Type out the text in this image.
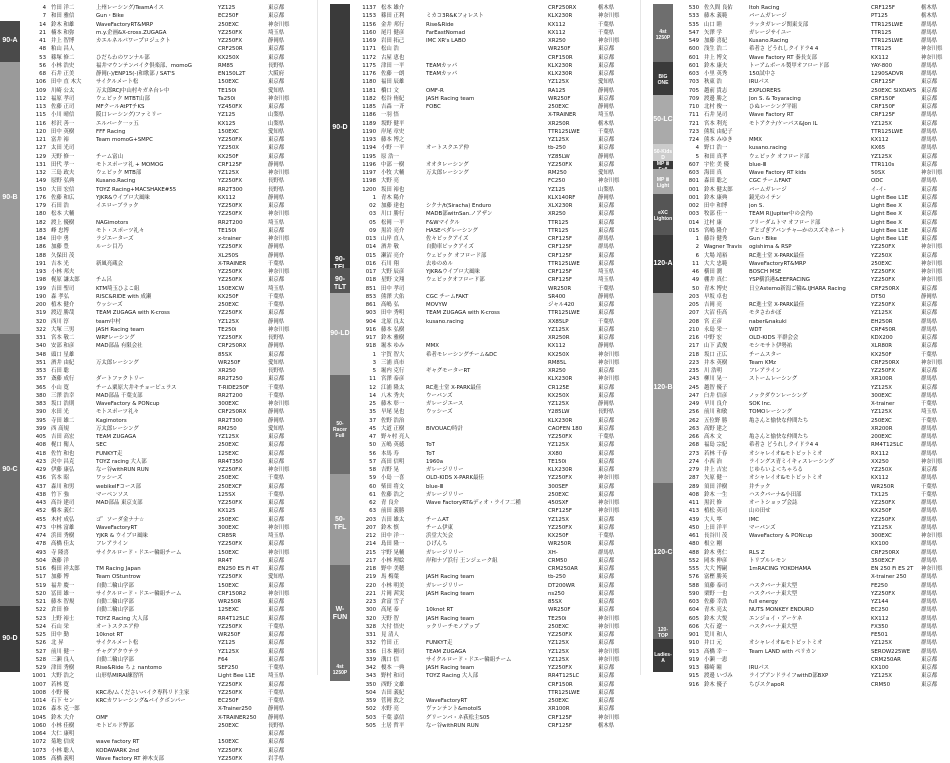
90-A
90-B
90-C
90-D
4 竹田 洋二	上州レーシング/TeamAイス	YZ125	東京都
7 和田 雅信	Gun・Bike	EC250F	東京都
14 鈴木 和雄	WaveFactoryRT&MRP	250EXC	神奈川県
21 楠本 和弥	m.y.企画&X-cross.ZUGAGA	YZ250FX	埼玉県
41 井上 智博	カエルネルパワープロジェクト	YZ250FX	静岡県
48 粕山 昌人	CRF250R	東京都
53 篠塚 修二	ひだらわのワンナル部	KX250X	東京都
56 小林 浩史	福井マウンテンバイク倶楽部、momoG	RM85	長野県
68 石井 正美	静岡(-)/ENP15(-)和歌部 / SAT'S	EN150L2T	大阪府
106 田中 直 木大	サイクルメート松	150EXC	東京都
109 川崎 公太	万太郎RCJ中山村キガネ台レ中	TE150i	愛知県
112 福原 孝司	ウェビック MTBT山部	Ta250i	神奈川県
113 佐藤 正司	MFクールAtPTチKS	YZ450FX	東京都
115 小川 晴信	阪口レーシング/ファミリー	YZ125	山梨県
116 杉沢 善一	エルバーク一ッ五	KX125	山梨県
120 田中 英樹	FFF Racing	150EXC	愛知県
121 富井 裕	Team momoG+SMPC	YZ250FX	東京都
127 太田 光司	YZ250X	東京都
129 天野 修一	チーム富山	KX250F	東京都
131 田代 孝一	モトスポーツ礼 + MOMOG	CRF125F	静岡県
132 三島 政夫	ウェビック MTB部	YZ125X	神奈川県
149 原野 弘典	Kusano.Racing	YZ250FX	長野県
150 大田 宏信	TOYZ Racing+MACSHAKE#55	RR2T300	長野県
176 佐藤 和広	YJKR&ウイブロ大風味	KX112	静岡県
179 石田 浩	イエローブラック	YZ250FX	東京都
180 松本 大輔	YZ250FX	神奈川県
182 渡上 優樹	NAGimotors	RR2T200	埼玉県
183 峰 忠博	モト・スポーツ礼々	TE150i	東京都
184 田中 勇	ラジエーターズ	x-trainer	神奈川県
186 加藤 豊	ルーシ目乃	YZ250FX	静岡県
188 久保田 茂	XL250S	静岡県
191 吉本 光	新風亮蔵会	X-TRAINER	千葉県
193 小林 邦夫	YZ250FX	神奈川県
198 梶原 謙太郎	チム呂	YZ250FX	東京都
199 吉田 聖司	KTM埼玉ひよこ組	150EXCW	埼玉県
190 森 孝弘	RISC&RIDE with 成瀬	KX250F	千葉県
200 植木 健介	ウッシーズ	250EXC	千葉県
319 渡辺 勝哉	TEAM ZUGAGA with K-cross	YZ250FX	東京都
320 西川 淳	team中村	YZ125X	静岡県
322 大塚 三男	JASH Racing team	TE250i	神奈川県
331 宮本 敬二	WRFレーシング	YZ250FX	長野県
340 安部 和彦	MAD部品 有限会社	CRF250RX	静岡県
348 頭口 星雄	85SX	東京都
351 酒井 由紀	万太郎レーシング	WR250F	愛知県
353 石田 聡	XR250	長野県
357 斎藤 成行	ダートファクトリー	RR2T250	東京都
365 小山 寛	チーム粟原大井キチョーピュラス	T-RIDE250F	千葉県
380 三澤 浩幸	MAD部品 千葉支部	RR2T200	千葉県
383 坂口 浩則	WaveFactory & PONcup	300EXC	神奈川県
390 水田 光	モトスポーツ礼々	CRF250RX	静岡県
395 寺田 雄二	Kagimotors	RR2T300	静岡県
399 西 高規	万太郎レーシング	RM250	愛知県
405 吉田 高宏	TEAM ZUGAGA	YZ125X	東京都
408 梶口 衛人	SEC	250EXC	東京都
418 佐竹 和也	FUNKYT走	125EXC	東京都
423 沢中 昌克	TOYZ racing 大人部	RR4T350	東京都
429 伊藤 康弘	なー谷withRUN RUN	YZ250FX	神奈川県
436 宮本 昭	ワッシーズ	250EXC	千葉県
437 森川 和男	webikeIFコース部	250EXCF	東京都
438 竹下 強	マーベンソス	125SX	千葉県
443 高谷 建司	MAD部品 東京支部	YZ250FX	東京都
452 橋本 義仁	KX125	東京都
455 木村 成弘	ゴ゜ソーダ金ナナ☆	250EXC	東京都
473 中林 富雄	WaveFactoryRT	300EXC	神奈川県
474 浜田 秀樹	YJKR & ウイブロ風味	CR85R	埼玉県
478 高橋 佳太	フレアライン	YZ250FX	東京都
493 寺 隆喜	サイクルロード・ドエー輪組チーム	150EXC	神奈川県
504 斎藤 洋	RR4T	東京都
516 梅田 祥太郎	TM Racing Japan	EN250 ES Fi 4T	東京都
517 加藤 博	Team OStuntrow	YZ250FX	愛知県
519 福井 慶一	自動二輪山学部	150EXC	東京都
520 冨田 雄一	サイクルロード・ドエー輪組チーム	CRF150R2	神奈川県
521 藤本 智規	自動二輪山学部	WR250R	東京都
522 倉田 修	自動二輪山学部	125EXC	東京都
523 上野 裕士	TOYZ Racing 大人部	RR4T125LC	東京都
524 石山 栄	オートスクエア仲	YZ250FX	千葉県
525 田中 勤	10knot RT	WR250F	東京都
526 北 昇	サイクルメート松	YZ125	東京都
527 前川 健一	チャグアクウテラ	YZ125X	東京都
528 三瀬 良人	自動二輪山学部	F64	東京都
529 津田 秀樹	Rise&Ride ちょ nantomo	SEF250	千葉県
1001 大野 浩之	山形県MIRAI練習所	Light Bee L1E	埼玉県
1007 若林 寛	YZ250FX	東京都
1008 小野 優	KRCあ/ムくださいバイク専科リド主家	YZ250FX	千葉県
1014 石下 セン	KRCカワレーシング&バイクボンパー	EC250F	千葉県
1026 森本 克一郎	X-Trainer250	静岡県
1045 鈴木 大介	OMF	X-TRAINER250	静岡県
1060 小林 佳樹	モトビルド弊部	250EXC	長野県
1064 大仁 康明	東京都
1072 菊地 信成	wave factory RT	150EXC	東京都
1073 小林 聡人	KODAWARK 2nd	YZ250FX	東京都
1085 高橋 義明	Wave Factory RT 神木支部	YZ250FX	岩手県
90-D
90-
90-TLT
90-LD
50-Racer Full
50-TFL
W-FUN
4st 1250P
1137 松本 雄介	CRF250RX	栃木県
1153 篠田 正利	ミカコ3R&Kフォレスト	KLX230R	神奈川県
1156 金井 邦行	Rise&Ride	KX112	千葉県
1160 尾月 健彦	FarEastNomad	KX112	千葉県
1169 岩田 拓己	IMC XR's LABO	XR250	神奈川県
1171 松山 浩	WR250F	東京都
1172 古屋 恵也	CRF150R	東京都
1175 津田 一平	TEAMカッパ	KLX230R	東京都
1176 佐藤 一朗	TEAMカッパ	KLX230R	東京都
1180 福田 辰雄	YZ125X	愛知県
1181 橋口 文	OMF-R	RA125	静岡県
1182 松谷 侑紀	JASH Racing team	WR250F	東京都
1185 吉森 一斉	FOBC	250EXC	静岡県
1186 一羽 悟	X-TRAINER	埼玉県
1189 坂野 健平	XR250R	栃木県
1190 岸尾 章史	TTR125LWE	千葉県
1193 藤本 博之	YZ125X	東京都
1194 小野 一平	オートスクエア仲	tb-250	東京都
1195 原 浩一	YZ85LW	静岡県
1196 中部 一樹	オオタレーシング	YZ250FX	東京都
1197 小牧 大輔	万太郎レーシング	RM250	愛知県
1198 大野 亮	FC250	神奈川県
1200 坂田 裕也	YZ125	山梨県
1 青木 陽介	KLX140RF	静岡県
02 加藤 達也	シクナ/t(Siracha) Enduro	XLX230R	東京都
03 川口 勝行	MADB部witnSan.ノアザン	XR250	東京都
05 松岡 一平	F&Wマイクル	TTR125	東京都
09 黒岩 亮介	HASEベダレーシング	TTR125	東京都
013 山岸 直人	佐々ビックアイズ	CRF125F	群馬県
014 酒井 敬	自動車ビックアイズ	CRF125F	群馬県
015 瀬沼 亮介	ウェビック オフロード部	CRF125F	東京都
016 石川 翔	去ゆのめル	TTR125LWE	東京都
017 大野 辰彦	YJKR&ウイブロ大風味	CRF125F	埼玉県
018 星野 文翔	ウェビックオフロード部	CRF125F	埼玉県
851 田中 孝司	WR250R	千葉県
853 熊澤 大佑	CGC チームFAKT	SR400	静岡県
861 高嶋 弘	MOVYW	ジャル420	東京都
903 田中 秀明	TEAM ZUGAGA with K-cross	TTR125LWE	東京都
904 北原 良太	kusano.racing	XX85LP	千葉県
916 藤本 弘樹	YZ125X	東京都
917 鈴木 雅樹	XR250R	東京都
918 堀本 ゆみ	MMX	KX112	静岡県
1 宇賀 智大	希者モレーシングチーム&DC	KX250X	神奈川県
3 三浦 真市	RM85L	神奈川県
5 堀内 克行	ギャグモーターRT	XR250	東京都
11 宮澤 泰彦	KLX230R	神奈川県
12 江浦 隆太	RC進士堂 X-PARK最佳	CR125E	東京都
14 八木 秀夫	ウーバンズ	KX250X	東京都
25 藤木 彰一	ガレージエース	YZ125X	静岡県
35 早尾 晃也	ウッシーズ	Y285LW	長野県
37 佐野 浩治	KLX230R	東京都
45 大道 正樹	BIVOUAC/時計	CAOFEN 180	東京都
47 野々村 亮人	YZ250FX	千葉県
50 五嶋 英徳	ToT	YZ125X	東京都
56 本馬 寿	ToT	XX80	東京都
57 高田 信明	1960a	TE150i	東京都
58 吉野 晃	ガレージリリー	KLX230R	東京都
59 小島 一喜	OLD-KIDS X-PARK最佳	YZ250FX	神奈川県
60 柴田 将文	blue-Ⅲ	300SEF	東京都
61 佐藤 浩之	ガレージリリー	250EXC	東京都
62 青 良介	Wave FactoryRT&ディオ・ライフ二種	450SXF	神奈川県
63 前田 義勝	CRF125F	神奈川県
203 吉田 雄太	チームAT	YZ125X	東京都
207 鈴木 慎	チーム伊東	YZ250FX	東京都
212 田中 洋一	浜堂大矢会	KX250F	千葉県
214 島田 隆一	ひげんち	WR250R	東京都
215 宇野 晃輔	ガレージリリー	XH-	群馬県
217 小林 理絵	岸和ナゾ浜行 王ンジェーク組	CRM50	東京都
218 野中 美穂	CRM250AR	東京都
219 馬 梅葉	JASH Racing team	tb-250	東京都
220 小林 明美	ガレージリリー	DT200WR	東京都
221 片岡 茜実	JASH Racing team	ns250	東京都
223 倉富 雪子	85SX	東京都
300 高尾 泰	10knot RT	WR250F	東京都
320 天野 智	JASH Racing team	TE250i	神奈川県
328 大付 悟史	ックリーチモノアップ	250EXC	神奈川県
331 見 清人	YZ250FX	東京都
332 竹田 正	FUNKYT走	YZ125X	東京都
336 日本 剛司	TEAM ZUGAGA	YZ125X	神奈川県
339 溝口 信	サイクルロード・ドエー輪組チーム	YZ125X	神奈川県
342 榎本 一典	JASH Racing team	YZ250FX	東京都
343 野村 和司	TOYZ Racing 大人部	RR4T125LC	東京都
350 西野 文雄	CRF150R	東京都
504 吉田 義紀	TTR125LWE	東京都
359 菅岡 敦之	WaveFactoryRT	250EXC	東京都
502 水野 亮	ヴァンテント&motoIS	XR100R	東京都
503 千葉 嘉信	グリーンバ・ネ荻松主S05	CRF125F	神奈川県
505 土居 哲平	なー谷withRUN RUN	CRF125F	栃木県
4st 1250P
BIG ONE
50-LC
50-Kids D
MP Ⅲ
MP Ⅲ Light
eXC Lighton
120-A
120-B
120-C
120-TOP
Ladies-A
530 佐久間 良佑	Itoh Racing	CRF125F	栃木県
533 藤木 義範	バームガレージ	PT125	栃木県
535 山口 睦	ラッタガレージ関東支部	TTR125LWE	群馬県
547 矢澤 学	ガレージサイユー	TTR125	群馬県
549 加藤 喜紀	Kusano.Racing	TTR125LWE	群馬県
600 浅生 浩二	希者さ どうれしクイドラ4 4	TTR125	神奈川県
601 井上 博文	Wave Factory RT 秦長支部	KX112	神奈川県
601 鈴木 康夫	トーアムボール製甲オフロード部	YAY-800	群馬県
603 小里 英秀	150試中さ	1290SADVR	群馬県
703 秋東 浩	IRUパス	CRF125F	東京都
705 越前 貴志	EXPLORERS	250EXC SIXDAYS 東京都
709 渡邊 勝之	Jon S. & Toyaracing	CRF150F	東京都
710 北村 俊一	ひぬレーシング平組	CRF150F	東京都
711 石井 晃司	Wave Factory RT	CRF125F	群馬県
721 宮本 利光	モトアクナ/ケーパス&Jon IL	YZ125X	東京都
723 熊坂 由紀子	TTR125LWE	群馬県
724 熊本 みゆき	MMX	KX112	群馬県
4 野口 浩一	kusano.racing	KX65	群馬県
5 和田 真孝	ウェビック オフロード部	YZ125X	東京都
607 宇佐 美 優	blue-Ⅲ	TTR110s	東京都
603 海田 真	Wave Factory RT kids	50SX	神奈川県
801 森田 聡之	CGC チームFAKT	ODC	群馬県
001 鈴木 健太郎	バームガレージ	イ-イ-	東京都
001 鈴木 康典	鏡光のイテン	Light Bee L1E	東京都
002 田中 和博	jon S.	Light Bee X	東京都
003 牧部 佳一	TEAM R(Jupiter中の会内)	Light Bee X	東京都
014 辻村 康	フリーダムトマ オフロード部	Light Bee X	東京都
015 宮嶋 隆介	ずとゴ゙ぎアバンチャ―かのスズキネート	Light Bee L1E	東京都
1 藤谷 健秀	Gun・Bike	Light Bee L1E	東京都
2 Wagner Travis ogishima & RSP	YZ250FX	神奈川県
6 大場 靖裕	RC進士堂 X-PARK最佳	YZ250X	東京都
11 大大 忠範	WaveFactoryRT&MRP	250EXC	神奈川県
46 横田 潤	BOSCH MSE	YZ250FX	神奈川県
49 棚井 真仁	YSP横浜港&EEFRACING	YZ250FX	神奈川県
50 青木 博史	日立Astemo新潟ご輪&.IJHARA Racing	CRF250RX	東京都
203 早坂 卓也	DT50	静岡県
205 吉岡 亮	RC進士堂 X-PARK最佳	YZ250FX	東京都
207 大沼 佳高	モタさわかぼ	YZ125X	東京都
208 宮 正彦	naber&nakuki	EH250R	群馬県
210 永島 栄一	WDT	CRF450R	群馬県
216 中野 宏	OLD-KIDS 平群会会	KDX200	東京都
217 山下 武俊	モシモサト伊勢祐	XLR80R	東京都
218 坂口 正広	チームスター	KX250F	千葉県
223 井本 英樹	Team KMz	CRF250RX	神奈川県
235 川 浩明	フレアライン	YZ250FX	東京都
243 柳川 晃一	ストームレーシング	XR100R	群馬県
245 越智 優子	YZ125X	東京都
247 臼井 信彦	ノックダウンレーシング	300EXC	群馬県
249 早川 良介	SOK Inc.	X-trainer	千葉県
256 前川 和敏	TOMOレーシング	YZ125X	埼玉県
262 五位野 勝	亀さんと愉快な仲間たち	250EXC	千葉県
263 高野 建之	XR200R	群馬県
266 高木 文	亀さんと愉快な仲間たち	200EXC	群馬県
268 福島 宗紀	希者さ どうれしクイドラ4 4	RM4T125LC	群馬県
273 若林 千春	オシャレイオ&モトビットミオ	RX112	群馬県
274 小西 治	ライングス青ミイキィスレーシング	XX250	神奈川県
279 井上 吉宏	じゆらいよ＜ちゃろる	YZ250X	東京都
287 矢原 健一	オシャレイオ&モトビットミオ	KX112	群馬県
289 須田 洋樹	井チック	WR250R	千葉県
408 鈴木 一生	ハスクバーナ&小田部	TX125	千葉県
411 黒沢 修	オートショップ会誌	YZ250FX	群馬県
413 植松 英司	山の田せ	KX250F	群馬県
439 大人 寧	IMC	YZ250FX	群馬県
450 上田 洋平	マーバンズ	YZ125X	群馬県
461 長谷川 茂	WaveFactory & PONcup	300EXC	神奈川県
480 根立 剛	KX100	群馬県
488 鈴木 勇仁	RLS Z	CRF250RX	群馬県
552 岡本 伸彦	トリプルレモン	350EXCF	群馬県
555 大大 博嗣	1mRACING YOKOHAMA	EN 250 Fi ES 2T	神奈川県
576 富樫 勝英	X-trainer 250	群馬県
588 須藤 泰司	ハスクバーナ東大型	FE250	群馬県
590 栗野 一也	ハスクバーナ東大型	YZ250FX	群馬県
603 佐藤 幸浩	full energy	YZ144	群馬県
604 青木 亮太	NUTS MONKEY ENDURO	EC250	群馬県
605 鈴木 大悦	エンジョイ・アーケネ	KX112	群馬県
606 大石 遼一	ハスクバーナ東大型	FX350	群馬県
901 荒川 和人	FE501	群馬県
910 井口 元	オシャレイオ&モトビットミオ	YZ125X	群馬県
913 高橋 幸一	Team LAND with ベリカン	SEROW225WE	群馬県
919 小瀬 一恵	CRM250AR	東京都
913 篠崎 瞳	IRUパス	KX100	東京都
915 渡邊 いづみ	ライブアンドライフwithD部BXP	YZ125X	東京都
916 鈴木 優子	ちびスクapoR	CRM50	東京都
